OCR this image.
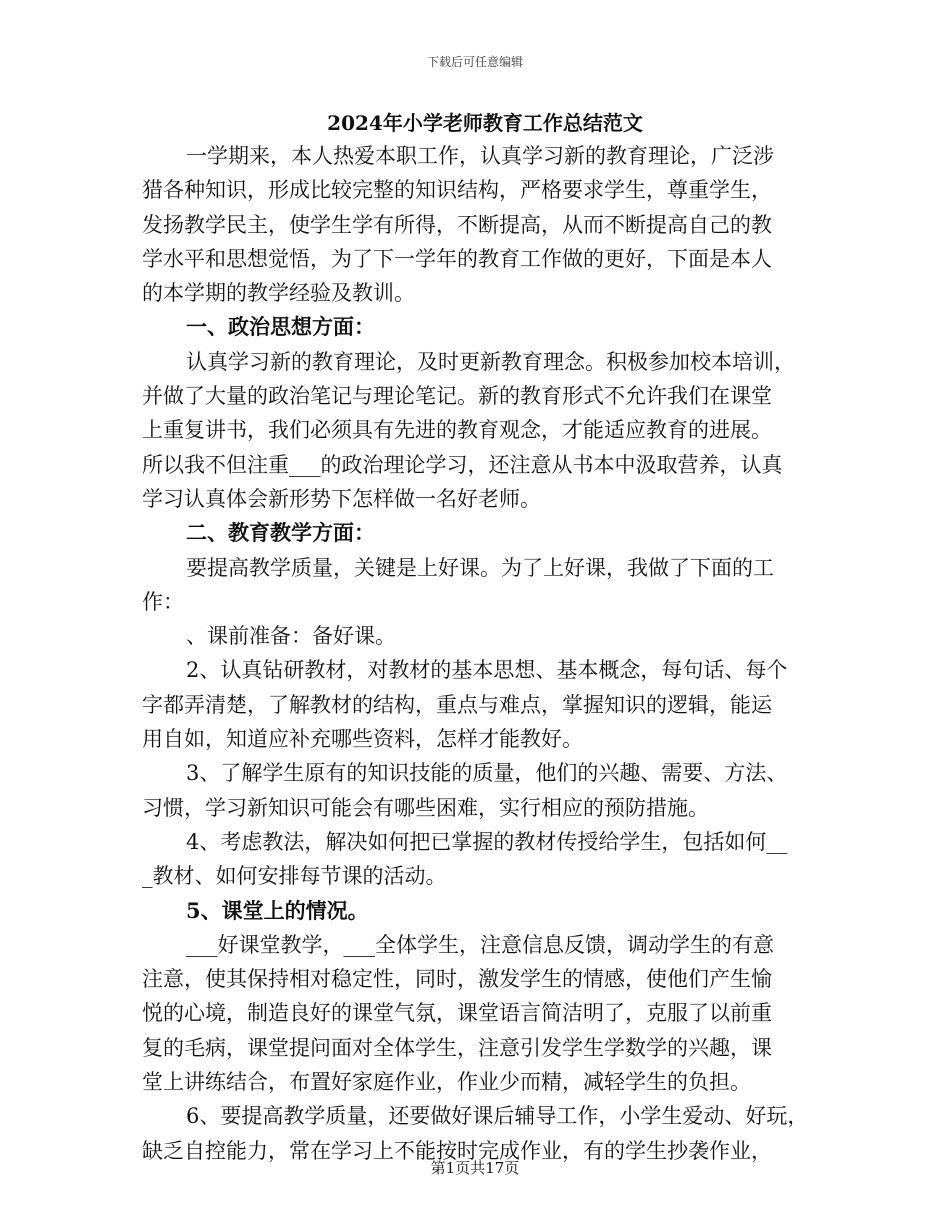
下载后可任意编辑
2024年小学老师教育工作总结范文
一学期来，本人热爱本职工作，认真学习新的教育理论，广泛涉
猎各种知识，形成比较完整的知识结构，严格要求学生，尊重学生，
发扬教学民主，使学生学有所得，不断提高，从而不断提高自己的教
学水平和思想觉悟，为了下一学年的教育工作做的更好，下面是本人
的本学期的教学经验及教训。
一、政治思想方面：
认真学习新的教育理论，及时更新教育理念。积极参加校本培训，
并做了大量的政治笔记与理论笔记。新的教育形式不允许我们在课堂
上重复讲书，我们必须具有先进的教育观念，才能适应教育的进展。
所以我不但注重___的政治理论学习，还注意从书本中汲取营养，认真
学习认真体会新形势下怎样做一名好老师。
二、教育教学方面：
要提高教学质量，关键是上好课。为了上好课，我做了下面的工
作：
、课前准备：备好课。
2、认真钻研教材，对教材的基本思想、基本概念，每句话、每个
字都弄清楚，了解教材的结构，重点与难点，掌握知识的逻辑，能运
用自如，知道应补充哪些资料，怎样才能教好。
3、了解学生原有的知识技能的质量，他们的兴趣、需要、方法、
习惯，学习新知识可能会有哪些困难，实行相应的预防措施。
4、考虑教法，解决如何把已掌握的教材传授给学生，包括如何__
_教材、如何安排每节课的活动。
5、课堂上的情况。
___好课堂教学，___全体学生，注意信息反馈，调动学生的有意
注意，使其保持相对稳定性，同时，激发学生的情感，使他们产生愉
悦的心境，制造良好的课堂气氛，课堂语言简洁明了，克服了以前重
复的毛病，课堂提问面对全体学生，注意引发学生学数学的兴趣，课
堂上讲练结合，布置好家庭作业，作业少而精，减轻学生的负担。
6、要提高教学质量，还要做好课后辅导工作，小学生爱动、好玩，
缺乏自控能力，常在学习上不能按时完成作业，有的学生抄袭作业，
第1页共17页
